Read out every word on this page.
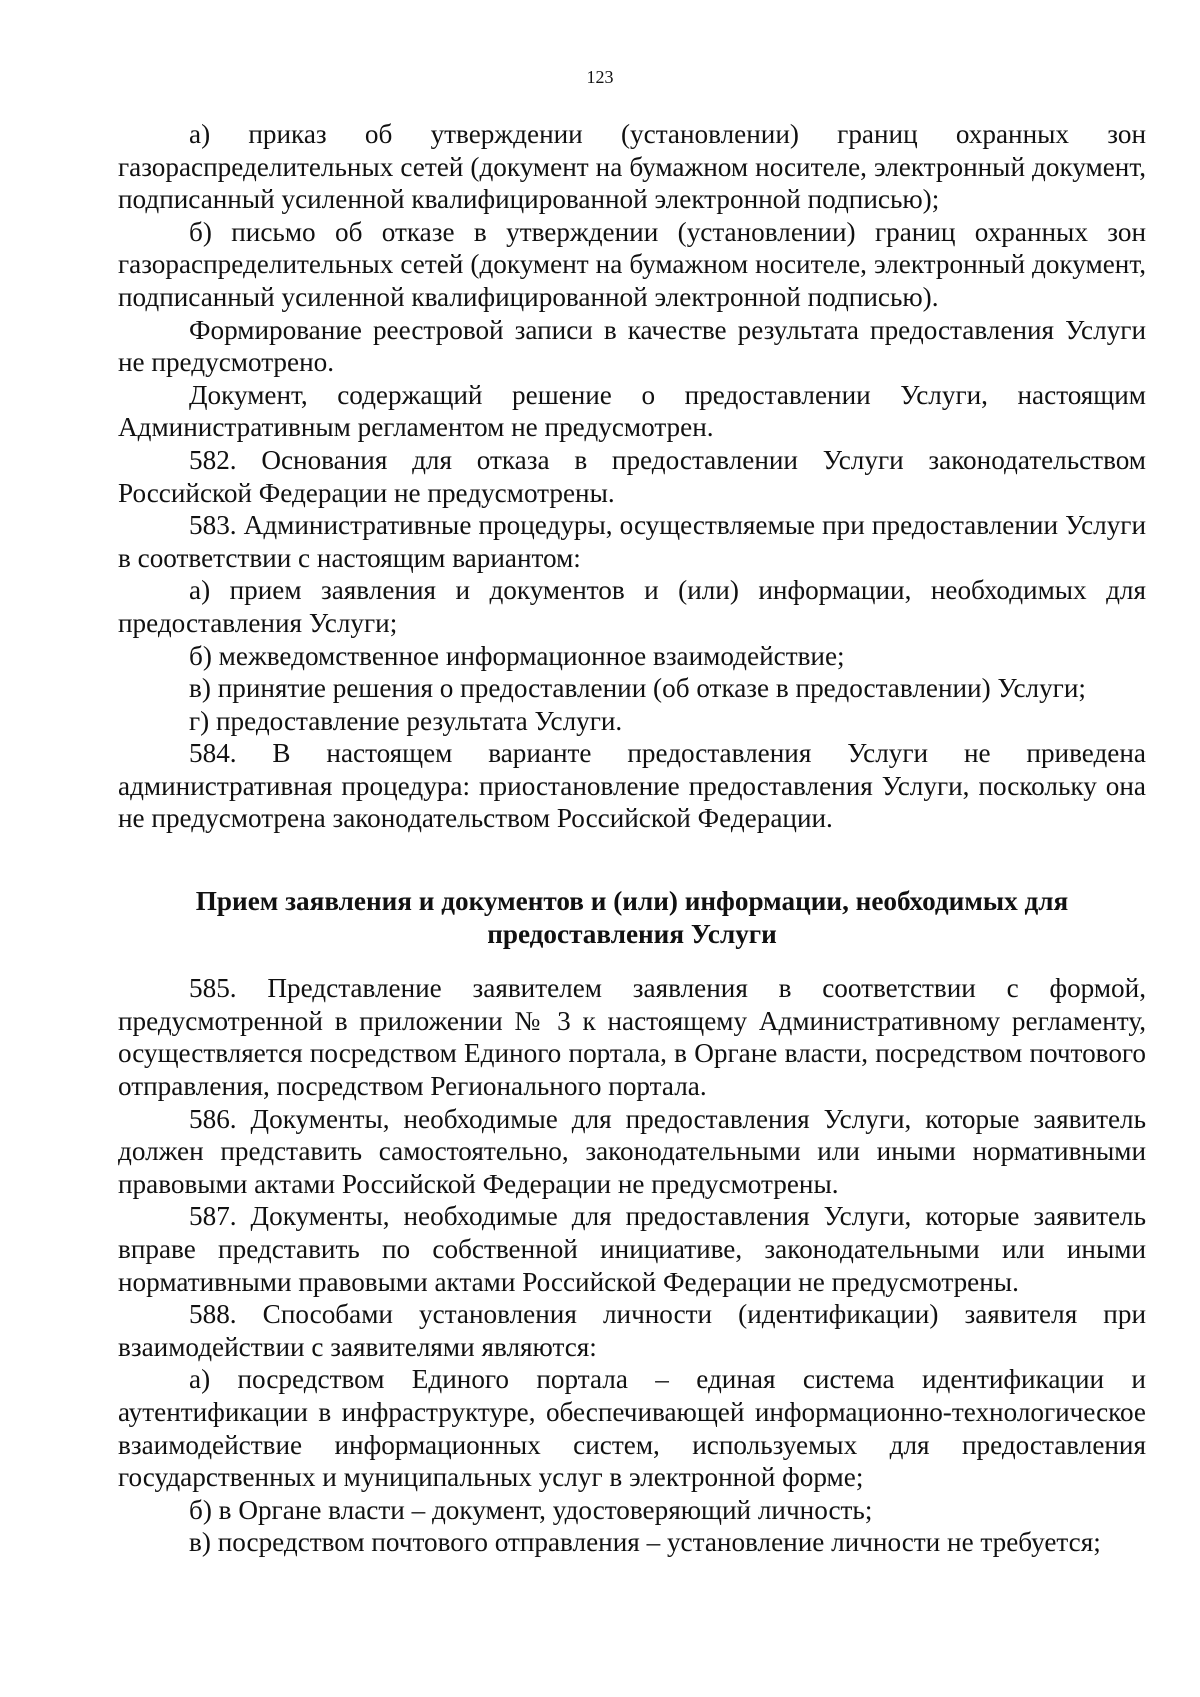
123

а) приказ об утверждении (установлении) границ охранных зон газораспределительных сетей (документ на бумажном носителе, электронный документ, подписанный усиленной квалифицированной электронной подписью);

б) письмо об отказе в утверждении (установлении) границ охранных зон газораспределительных сетей (документ на бумажном носителе, электронный документ, подписанный усиленной квалифицированной электронной подписью).

Формирование реестровой записи в качестве результата предоставления Услуги не предусмотрено.

Документ, содержащий решение о предоставлении Услуги, настоящим Административным регламентом не предусмотрен.

582. Основания для отказа в предоставлении Услуги законодательством Российской Федерации не предусмотрены.

583. Административные процедуры, осуществляемые при предоставлении Услуги в соответствии с настоящим вариантом:

а) прием заявления и документов и (или) информации, необходимых для предоставления Услуги;

б) межведомственное информационное взаимодействие;

в) принятие решения о предоставлении (об отказе в предоставлении) Услуги;

г) предоставление результата Услуги.

584. В настоящем варианте предоставления Услуги не приведена административная процедура: приостановление предоставления Услуги, поскольку она не предусмотрена законодательством Российской Федерации.

Прием заявления и документов и (или) информации, необходимых для предоставления Услуги

585. Представление заявителем заявления в соответствии с формой, предусмотренной в приложении № 3 к настоящему Административному регламенту, осуществляется посредством Единого портала, в Органе власти, посредством почтового отправления, посредством Регионального портала.

586. Документы, необходимые для предоставления Услуги, которые заявитель должен представить самостоятельно, законодательными или иными нормативными правовыми актами Российской Федерации не предусмотрены.

587. Документы, необходимые для предоставления Услуги, которые заявитель вправе представить по собственной инициативе, законодательными или иными нормативными правовыми актами Российской Федерации не предусмотрены.

588. Способами установления личности (идентификации) заявителя при взаимодействии с заявителями являются:

а) посредством Единого портала – единая система идентификации и аутентификации в инфраструктуре, обеспечивающей информационно-технологическое взаимодействие информационных систем, используемых для предоставления государственных и муниципальных услуг в электронной форме;

б) в Органе власти – документ, удостоверяющий личность;

в) посредством почтового отправления – установление личности не требуется;
